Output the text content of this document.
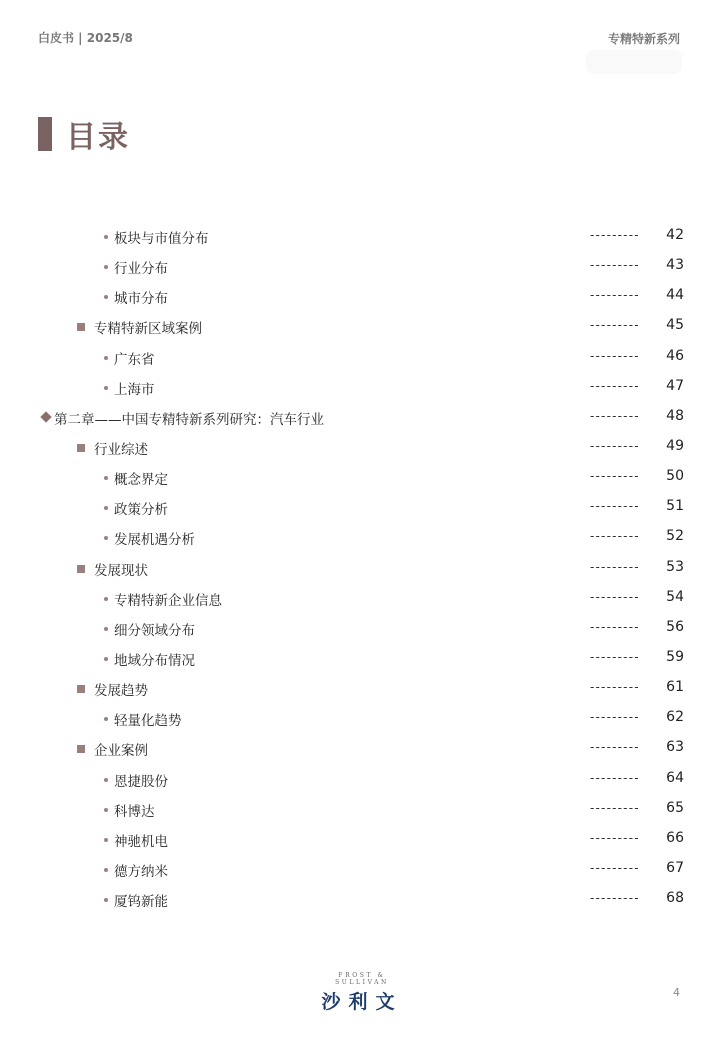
白皮书 | 2025/8	专精特新系列
目录
板块与市值分布	--------- 42
行业分布	--------- 43
城市分布	--------- 44
专精特新区域案例	--------- 45
广东省	--------- 46
上海市	--------- 47
第二章——中国专精特新系列研究：汽车行业	--------- 48
行业综述	--------- 49
概念界定	--------- 50
政策分析	--------- 51
发展机遇分析	--------- 52
发展现状	--------- 53
专精特新企业信息	--------- 54
细分领域分布	--------- 56
地域分布情况	--------- 59
发展趋势	--------- 61
轻量化趋势	--------- 62
企业案例	--------- 63
恩捷股份	--------- 64
科博达	--------- 65
神驰机电	--------- 66
德方纳米	--------- 67
厦钨新能	--------- 68
FROST & SULLIVAN
沙利文	4
